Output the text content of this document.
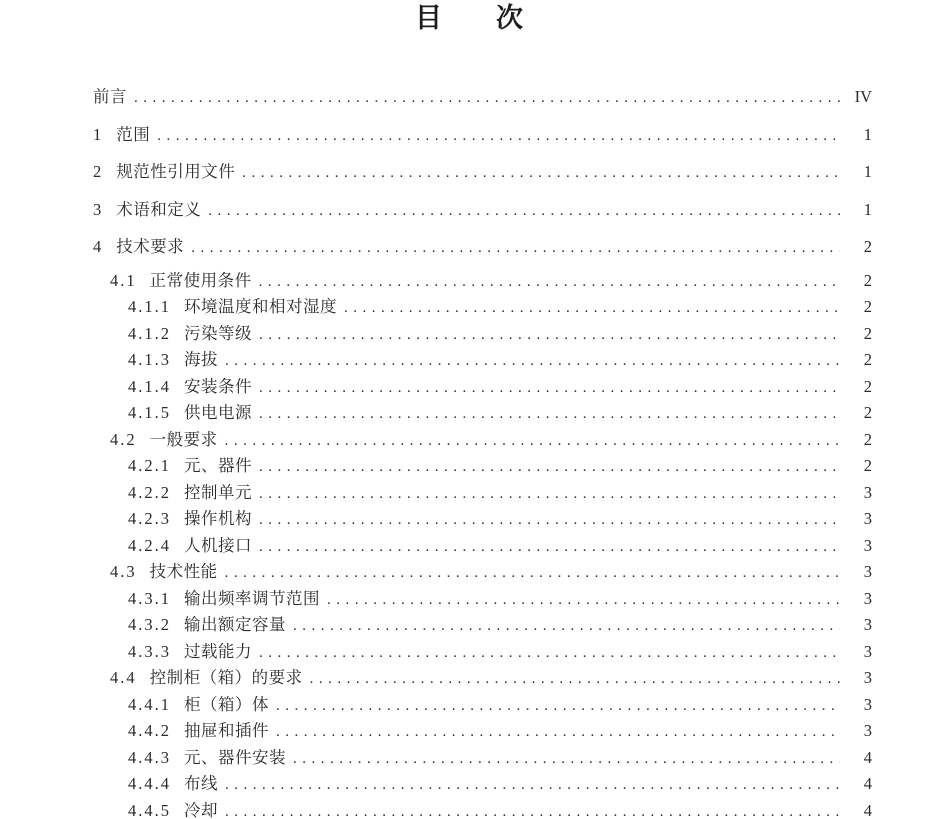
目　　次
前言 .....	IV
1 范围 .....	1
2 规范性引用文件 .....	1
3 术语和定义 .....	1
4 技术要求 .....	2
4.1 正常使用条件 .....	2
4.1.1 环境温度和相对湿度 .....	2
4.1.2 污染等级 .....	2
4.1.3 海拔 .....	2
4.1.4 安装条件 .....	2
4.1.5 供电电源 .....	2
4.2 一般要求 .....	2
4.2.1 元、器件 .....	2
4.2.2 控制单元 .....	3
4.2.3 操作机构 .....	3
4.2.4 人机接口 .....	3
4.3 技术性能 .....	3
4.3.1 输出频率调节范围 .....	3
4.3.2 输出额定容量 .....	3
4.3.3 过载能力 .....	3
4.4 控制柜（箱）的要求 .....	3
4.4.1 柜（箱）体 .....	3
4.4.2 抽屉和插件 .....	3
4.4.3 元、器件安装 .....	4
4.4.4 布线 .....	4
4.4.5 冷却 .....	4
